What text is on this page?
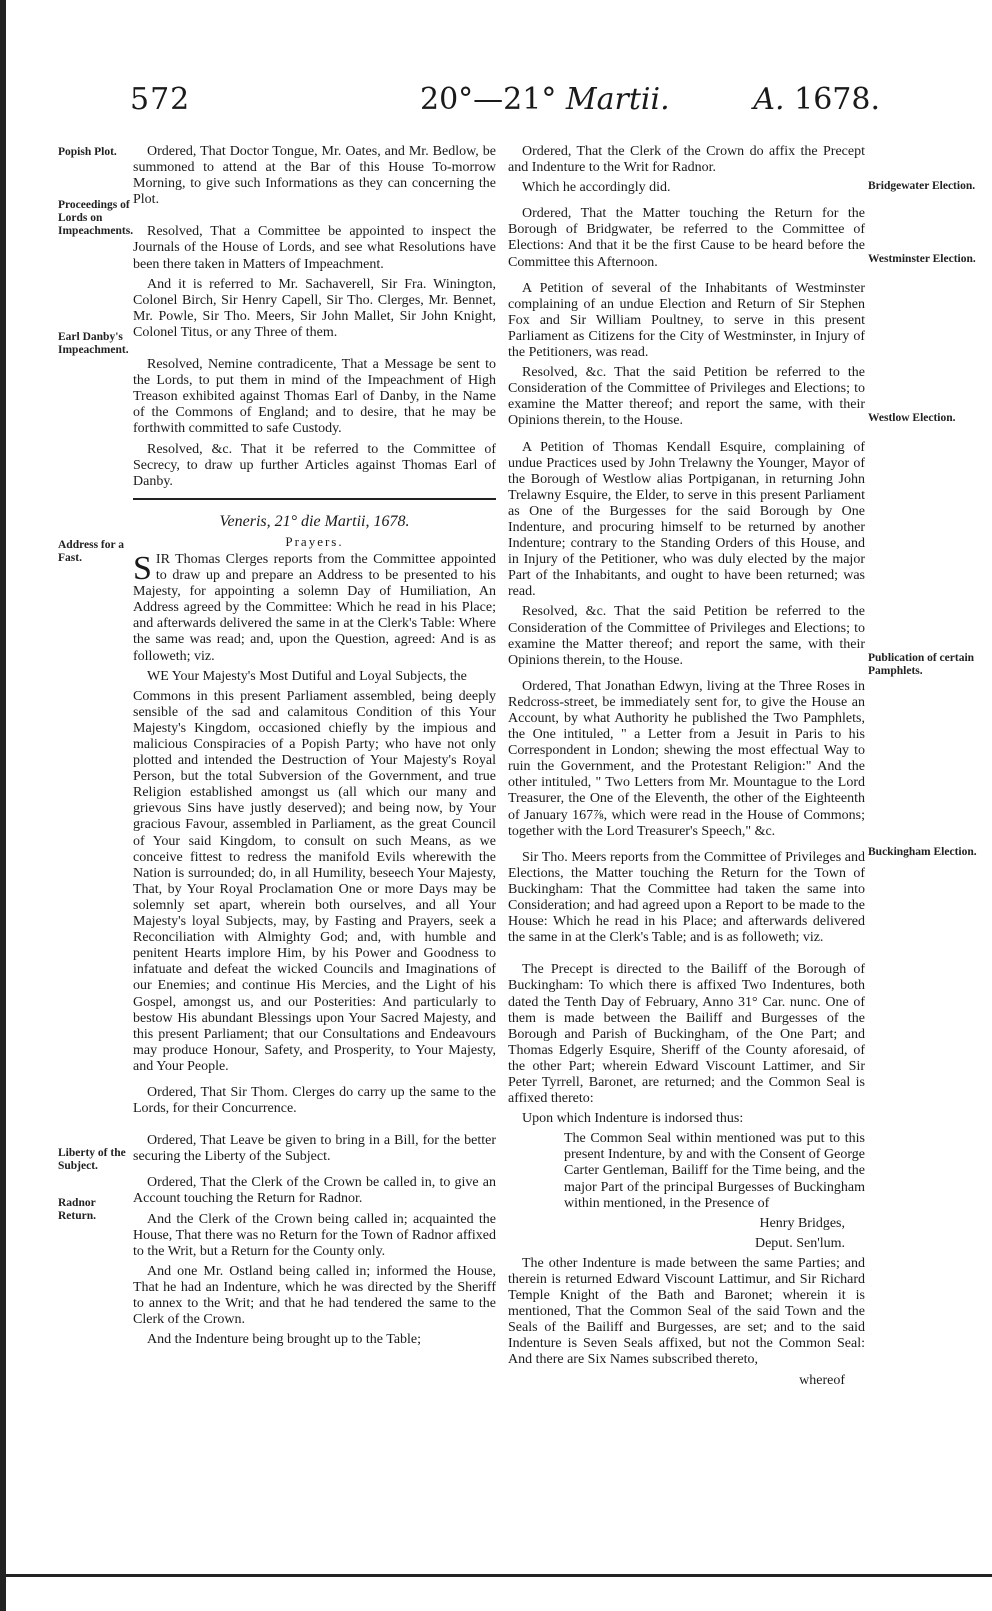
572	20°—21° Martii.	A. 1678.
Popish Plot.
Proceedings of Lords on Impeachments.
Earl Danby's Impeachment.
Address for a Fast.
Liberty of the Subject.
Radnor Return.
Bridgewater Election.
Westminster Election.
Westlow Election.
Publication of certain Pamphlets.
Buckingham Election.

Ordered, That Doctor Tongue, Mr. Oates, and Mr. Bedlow, be summoned to attend at the Bar of this House To-morrow Morning, to give such Informations as they can concerning the Plot.

Resolved, That a Committee be appointed to inspect the Journals of the House of Lords, and see what Resolutions have been there taken in Matters of Impeachment.

And it is referred to Mr. Sachaverell, Sir Fra. Winington, Colonel Birch, Sir Henry Capell, Sir Tho. Clerges, Mr. Bennet, Mr. Powle, Sir Tho. Meers, Sir John Mallet, Sir John Knight, Colonel Titus, or any Three of them.

Resolved, Nemine contradicente, That a Message be sent to the Lords, to put them in mind of the Impeachment of High Treason exhibited against Thomas Earl of Danby, in the Name of the Commons of England; and to desire, that he may be forthwith committed to safe Custody.

Resolved, &c. That it be referred to the Committee of Secrecy, to draw up further Articles against Thomas Earl of Danby.

Veneris, 21° die Martii, 1678.

Prayers.

SIR Thomas Clerges reports from the Committee appointed to draw up and prepare an Address to be presented to his Majesty, for appointing a solemn Day of Humiliation, An Address agreed by the Committee: Which he read in his Place; and afterwards delivered the same in at the Clerk's Table: Where the same was read; and, upon the Question, agreed: And is as followeth; viz.

WE Your Majesty's Most Dutiful and Loyal Subjects, the

Commons in this present Parliament assembled, being deeply sensible of the sad and calamitous Condition of this Your Majesty's Kingdom, occasioned chiefly by the impious and malicious Conspiracies of a Popish Party; who have not only plotted and intended the Destruction of Your Majesty's Royal Person, but the total Subversion of the Government, and true Religion established amongst us (all which our many and grievous Sins have justly deserved); and being now, by Your gracious Favour, assembled in Parliament, as the great Council of Your said Kingdom, to consult on such Means, as we conceive fittest to redress the manifold Evils wherewith the Nation is surrounded; do, in all Humility, beseech Your Majesty, That, by Your Royal Proclamation One or more Days may be solemnly set apart, wherein both ourselves, and all Your Majesty's loyal Subjects, may, by Fasting and Prayers, seek a Reconciliation with Almighty God; and, with humble and penitent Hearts implore Him, by his Power and Goodness to infatuate and defeat the wicked Councils and Imaginations of our Enemies; and continue His Mercies, and the Light of his Gospel, amongst us, and our Posterities: And particularly to bestow His abundant Blessings upon Your Sacred Majesty, and this present Parliament; that our Consultations and Endeavours may produce Honour, Safety, and Prosperity, to Your Majesty, and Your People.

Ordered, That Sir Thom. Clerges do carry up the same to the Lords, for their Concurrence.

Ordered, That Leave be given to bring in a Bill, for the better securing the Liberty of the Subject.

Ordered, That the Clerk of the Crown be called in, to give an Account touching the Return for Radnor.

And the Clerk of the Crown being called in; acquainted the House, That there was no Return for the Town of Radnor affixed to the Writ, but a Return for the County only.

And one Mr. Ostland being called in; informed the House, That he had an Indenture, which he was directed by the Sheriff to annex to the Writ; and that he had tendered the same to the Clerk of the Crown.

And the Indenture being brought up to the Table;

Ordered, That the Clerk of the Crown do affix the Precept and Indenture to the Writ for Radnor.

Which he accordingly did.

Ordered, That the Matter touching the Return for the Borough of Bridgwater, be referred to the Committee of Elections: And that it be the first Cause to be heard before the Committee this Afternoon.

A Petition of several of the Inhabitants of Westminster complaining of an undue Election and Return of Sir Stephen Fox and Sir William Poultney, to serve in this present Parliament as Citizens for the City of Westminster, in Injury of the Petitioners, was read.

Resolved, &c. That the said Petition be referred to the Consideration of the Committee of Privileges and Elections; to examine the Matter thereof; and report the same, with their Opinions therein, to the House.

A Petition of Thomas Kendall Esquire, complaining of undue Practices used by John Trelawny the Younger, Mayor of the Borough of Westlow alias Portpiganan, in returning John Trelawny Esquire, the Elder, to serve in this present Parliament as One of the Burgesses for the said Borough by One Indenture, and procuring himself to be returned by another Indenture; contrary to the Standing Orders of this House, and in Injury of the Petitioner, who was duly elected by the major Part of the Inhabitants, and ought to have been returned; was read.

Resolved, &c. That the said Petition be referred to the Consideration of the Committee of Privileges and Elections; to examine the Matter thereof; and report the same, with their Opinions therein, to the House.

Ordered, That Jonathan Edwyn, living at the Three Roses in Redcross-street, be immediately sent for, to give the House an Account, by what Authority he published the Two Pamphlets, the One intituled, " a Letter from a Jesuit in Paris to his Correspondent in London; shewing the most effectual Way to ruin the Government, and the Protestant Religion:" And the other intituled, " Two Letters from Mr. Mountague to the Lord Treasurer, the One of the Eleventh, the other of the Eighteenth of January 167⅞, which were read in the House of Commons; together with the Lord Treasurer's Speech," &c.

Sir Tho. Meers reports from the Committee of Privileges and Elections, the Matter touching the Return for the Town of Buckingham: That the Committee had taken the same into Consideration; and had agreed upon a Report to be made to the House: Which he read in his Place; and afterwards delivered the same in at the Clerk's Table; and is as followeth; viz.

The Precept is directed to the Bailiff of the Borough of Buckingham: To which there is affixed Two Indentures, both dated the Tenth Day of February, Anno 31° Car. nunc. One of them is made between the Bailiff and Burgesses of the Borough and Parish of Buckingham, of the One Part; and Thomas Edgerly Esquire, Sheriff of the County aforesaid, of the other Part; wherein Edward Viscount Lattimer, and Sir Peter Tyrrell, Baronet, are returned; and the Common Seal is affixed thereto:

Upon which Indenture is indorsed thus:

The Common Seal within mentioned was put to this present Indenture, by and with the Consent of George Carter Gentleman, Bailiff for the Time being, and the major Part of the principal Burgesses of Buckingham within mentioned, in the Presence of

Henry Bridges,

Deput. Sen'lum.

The other Indenture is made between the same Parties; and therein is returned Edward Viscount Lattimur, and Sir Richard Temple Knight of the Bath and Baronet; wherein it is mentioned, That the Common Seal of the said Town and the Seals of the Bailiff and Burgesses, are set; and to the said Indenture is Seven Seals affixed, but not the Common Seal: And there are Six Names subscribed thereto,

whereof
